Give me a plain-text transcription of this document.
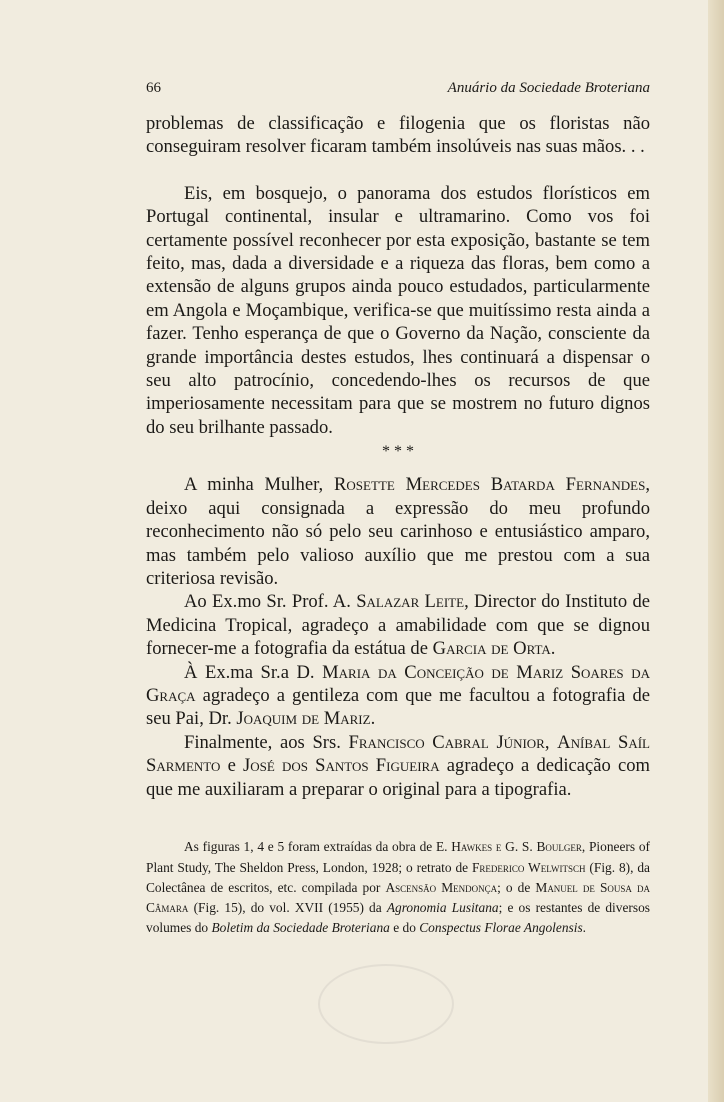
66	Anuário da Sociedade Broteriana

problemas de classificação e filogenia que os floristas não conseguiram resolver ficaram também insolúveis nas suas mãos. . .

Eis, em bosquejo, o panorama dos estudos florísticos em Portugal continental, insular e ultramarino. Como vos foi certamente possível reconhecer por esta exposição, bastante se tem feito, mas, dada a diversidade e a riqueza das floras, bem como a extensão de alguns grupos ainda pouco estudados, particularmente em Angola e Moçambique, verifica-se que muitíssimo resta ainda a fazer. Tenho esperança de que o Governo da Nação, consciente da grande importância destes estudos, lhes continuará a dispensar o seu alto patrocínio, concedendo-lhes os recursos de que imperiosamente necessitam para que se mostrem no futuro dignos do seu brilhante passado.

* * *

A minha Mulher, Rosette Mercedes Batarda Fernandes, deixo aqui consignada a expressão do meu profundo reconhecimento não só pelo seu carinhoso e entusiástico amparo, mas também pelo valioso auxílio que me prestou com a sua criteriosa revisão.

Ao Ex.mo Sr. Prof. A. Salazar Leite, Director do Instituto de Medicina Tropical, agradeço a amabilidade com que se dignou fornecer-me a fotografia da estátua de Garcia de Orta.

À Ex.ma Sr.a D. Maria da Conceição de Mariz Soares da Graça agradeço a gentileza com que me facultou a fotografia de seu Pai, Dr. Joaquim de Mariz.

Finalmente, aos Srs. Francisco Cabral Júnior, Aníbal Saíl Sarmento e José dos Santos Figueira agradeço a dedicação com que me auxiliaram a preparar o original para a tipografia.

As figuras 1, 4 e 5 foram extraídas da obra de E. Hawkes e G. S. Boulger, Pioneers of Plant Study, The Sheldon Press, London, 1928; o retrato de Frederico Welwitsch (Fig. 8), da Colectânea de escritos, etc. compilada por Ascensão Mendonça; o de Manuel de Sousa da Câmara (Fig. 15), do vol. XVII (1955) da Agronomia Lusitana; e os restantes de diversos volumes do Boletim da Sociedade Broteriana e do Conspectus Florae Angolensis.
